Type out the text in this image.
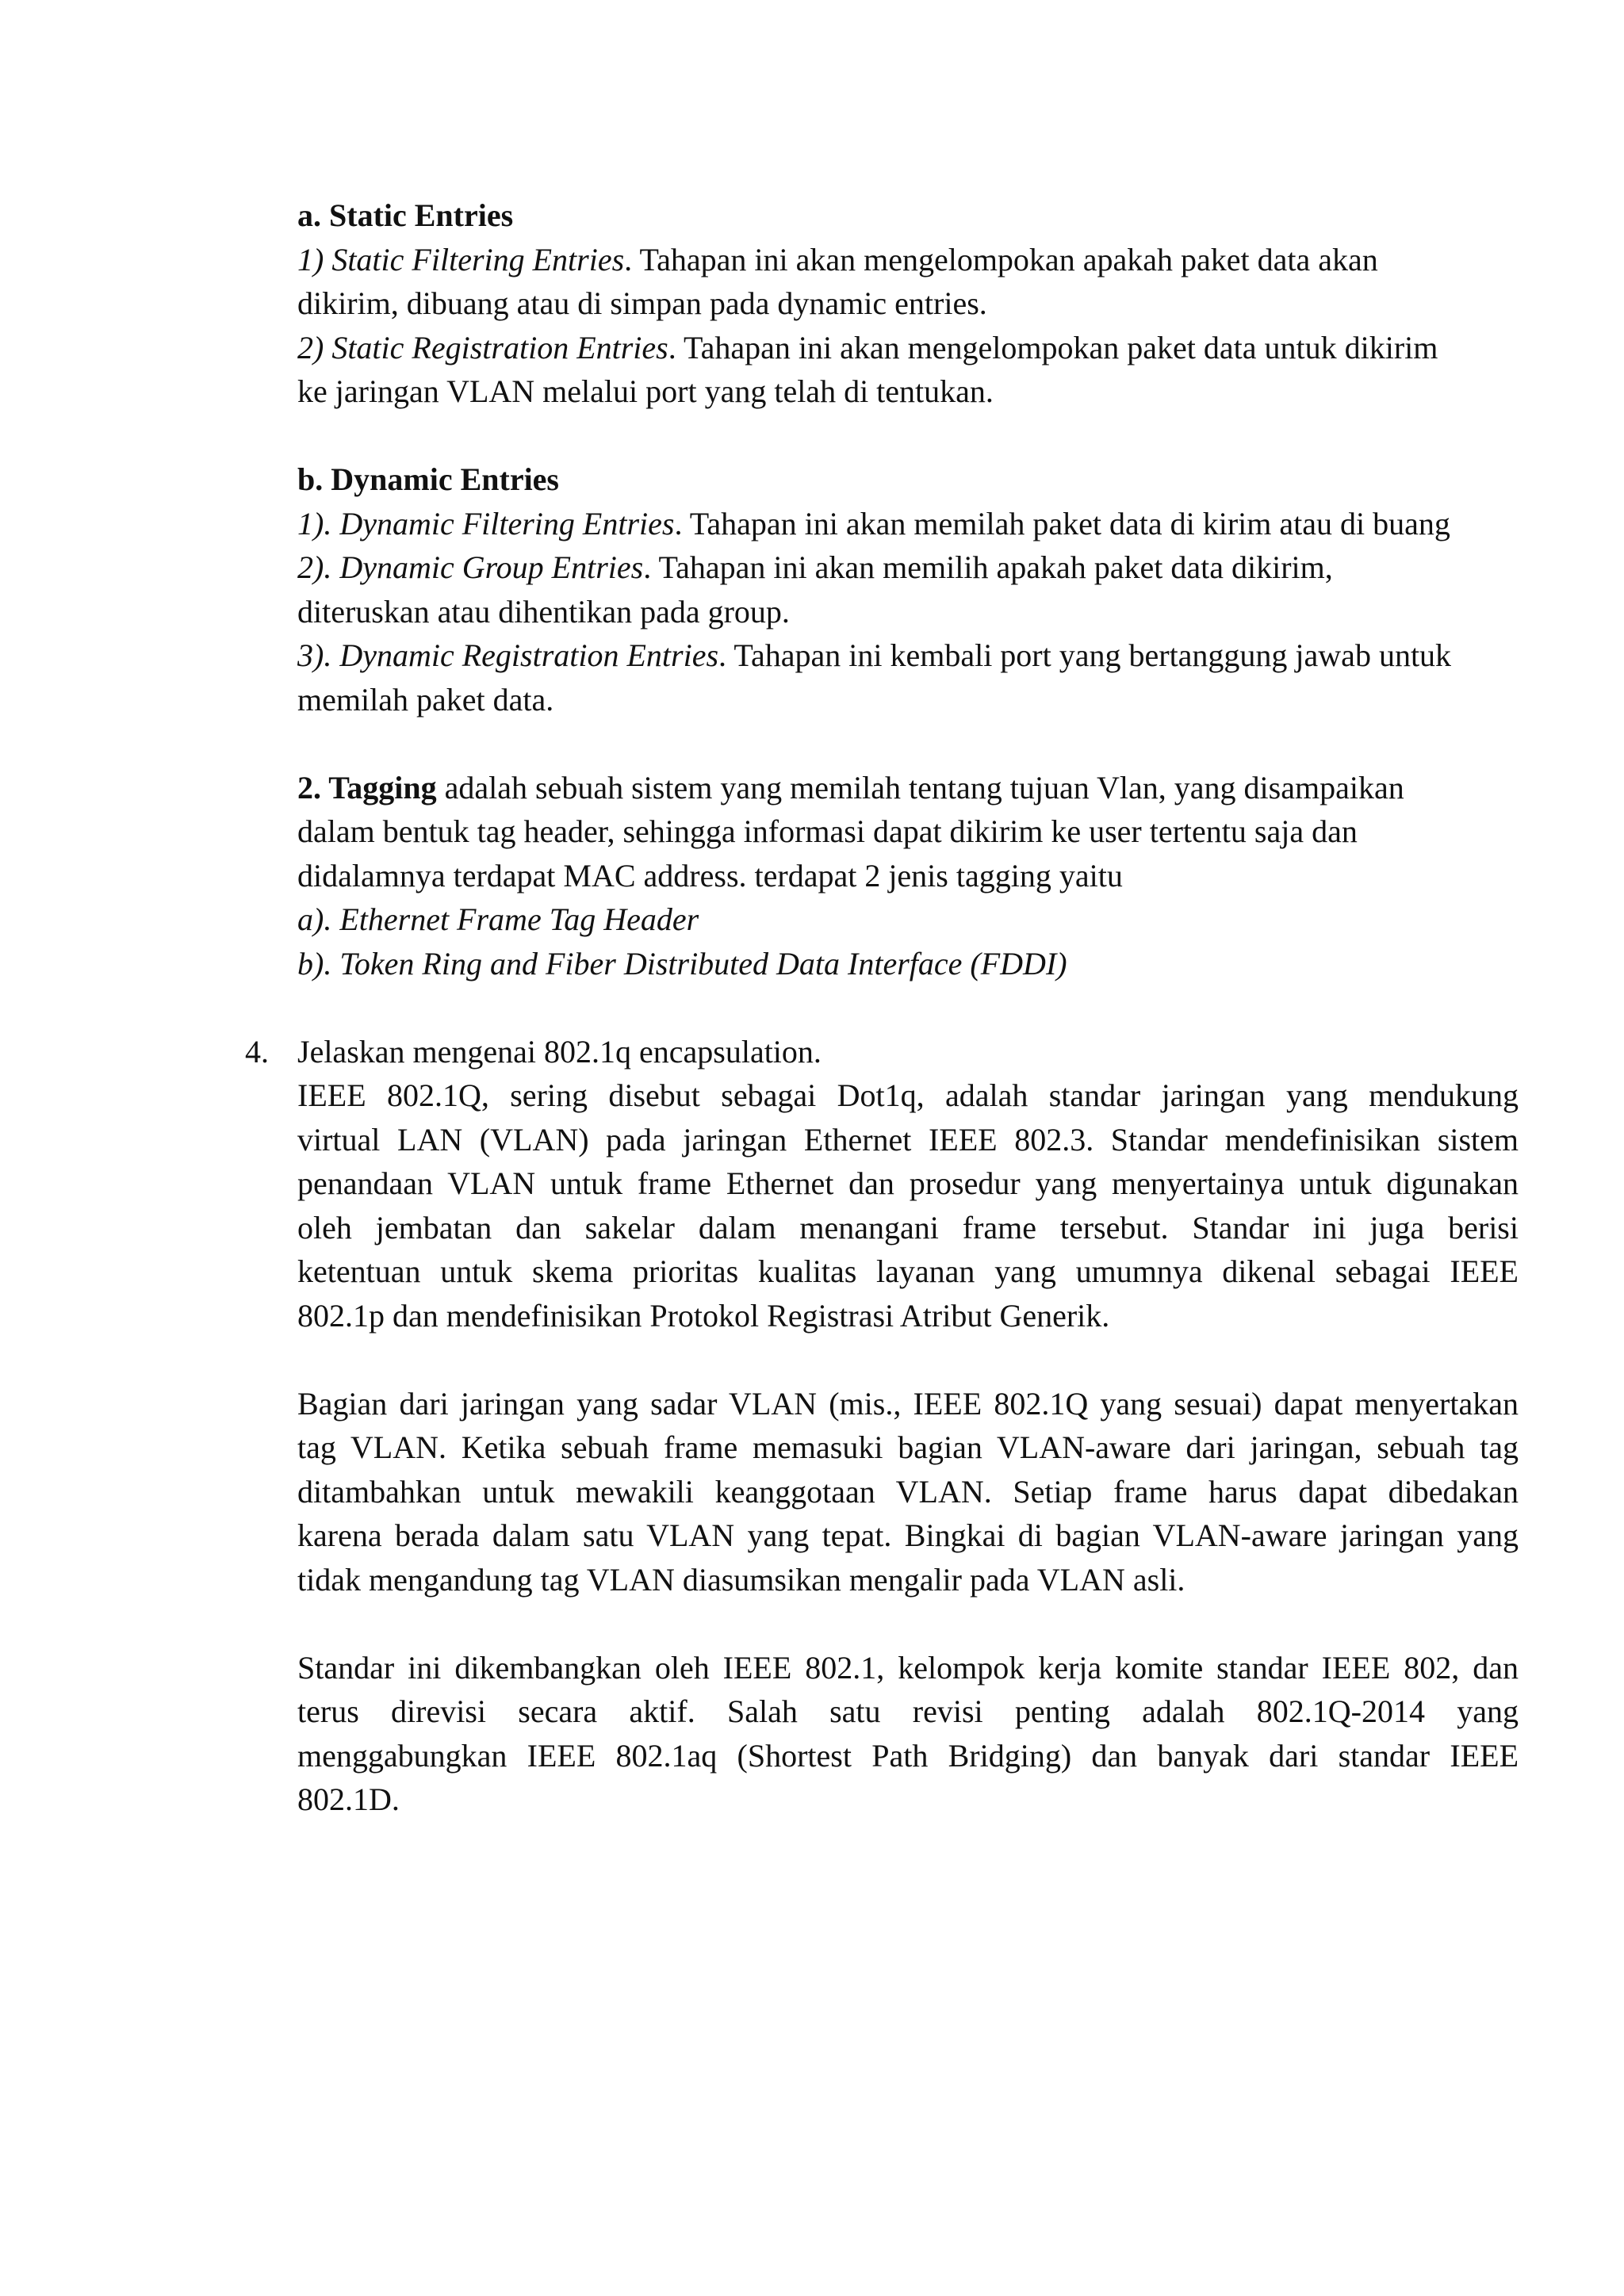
a. Static Entries
1) Static Filtering Entries. Tahapan ini akan mengelompokan apakah paket data akan
dikirim, dibuang atau di simpan pada dynamic entries.
2) Static Registration Entries. Tahapan ini akan mengelompokan paket data untuk dikirim
ke jaringan VLAN melalui port yang telah di tentukan.
b. Dynamic Entries
1). Dynamic Filtering Entries. Tahapan ini akan memilah paket data di kirim atau di buang
2). Dynamic Group Entries. Tahapan ini akan memilih apakah paket data dikirim,
diteruskan atau dihentikan pada group.
3). Dynamic Registration Entries. Tahapan ini kembali port yang bertanggung jawab untuk
memilah paket data.
2. Tagging adalah sebuah sistem yang memilah tentang tujuan Vlan, yang disampaikan
dalam bentuk tag header, sehingga informasi dapat dikirim ke user tertentu saja dan
didalamnya terdapat MAC address. terdapat 2 jenis tagging yaitu
a). Ethernet Frame Tag Header
b). Token Ring and Fiber Distributed Data Interface (FDDI)
4. Jelaskan mengenai 802.1q encapsulation.
IEEE 802.1Q, sering disebut sebagai Dot1q, adalah standar jaringan yang mendukung
virtual LAN (VLAN) pada jaringan Ethernet IEEE 802.3. Standar mendefinisikan sistem
penandaan VLAN untuk frame Ethernet dan prosedur yang menyertainya untuk digunakan
oleh jembatan dan sakelar dalam menangani frame tersebut. Standar ini juga berisi
ketentuan untuk skema prioritas kualitas layanan yang umumnya dikenal sebagai IEEE
802.1p dan mendefinisikan Protokol Registrasi Atribut Generik.
Bagian dari jaringan yang sadar VLAN (mis., IEEE 802.1Q yang sesuai) dapat menyertakan
tag VLAN. Ketika sebuah frame memasuki bagian VLAN-aware dari jaringan, sebuah tag
ditambahkan untuk mewakili keanggotaan VLAN. Setiap frame harus dapat dibedakan
karena berada dalam satu VLAN yang tepat. Bingkai di bagian VLAN-aware jaringan yang
tidak mengandung tag VLAN diasumsikan mengalir pada VLAN asli.
Standar ini dikembangkan oleh IEEE 802.1, kelompok kerja komite standar IEEE 802, dan
terus direvisi secara aktif. Salah satu revisi penting adalah 802.1Q-2014 yang
menggabungkan IEEE 802.1aq (Shortest Path Bridging) dan banyak dari standar IEEE
802.1D.
